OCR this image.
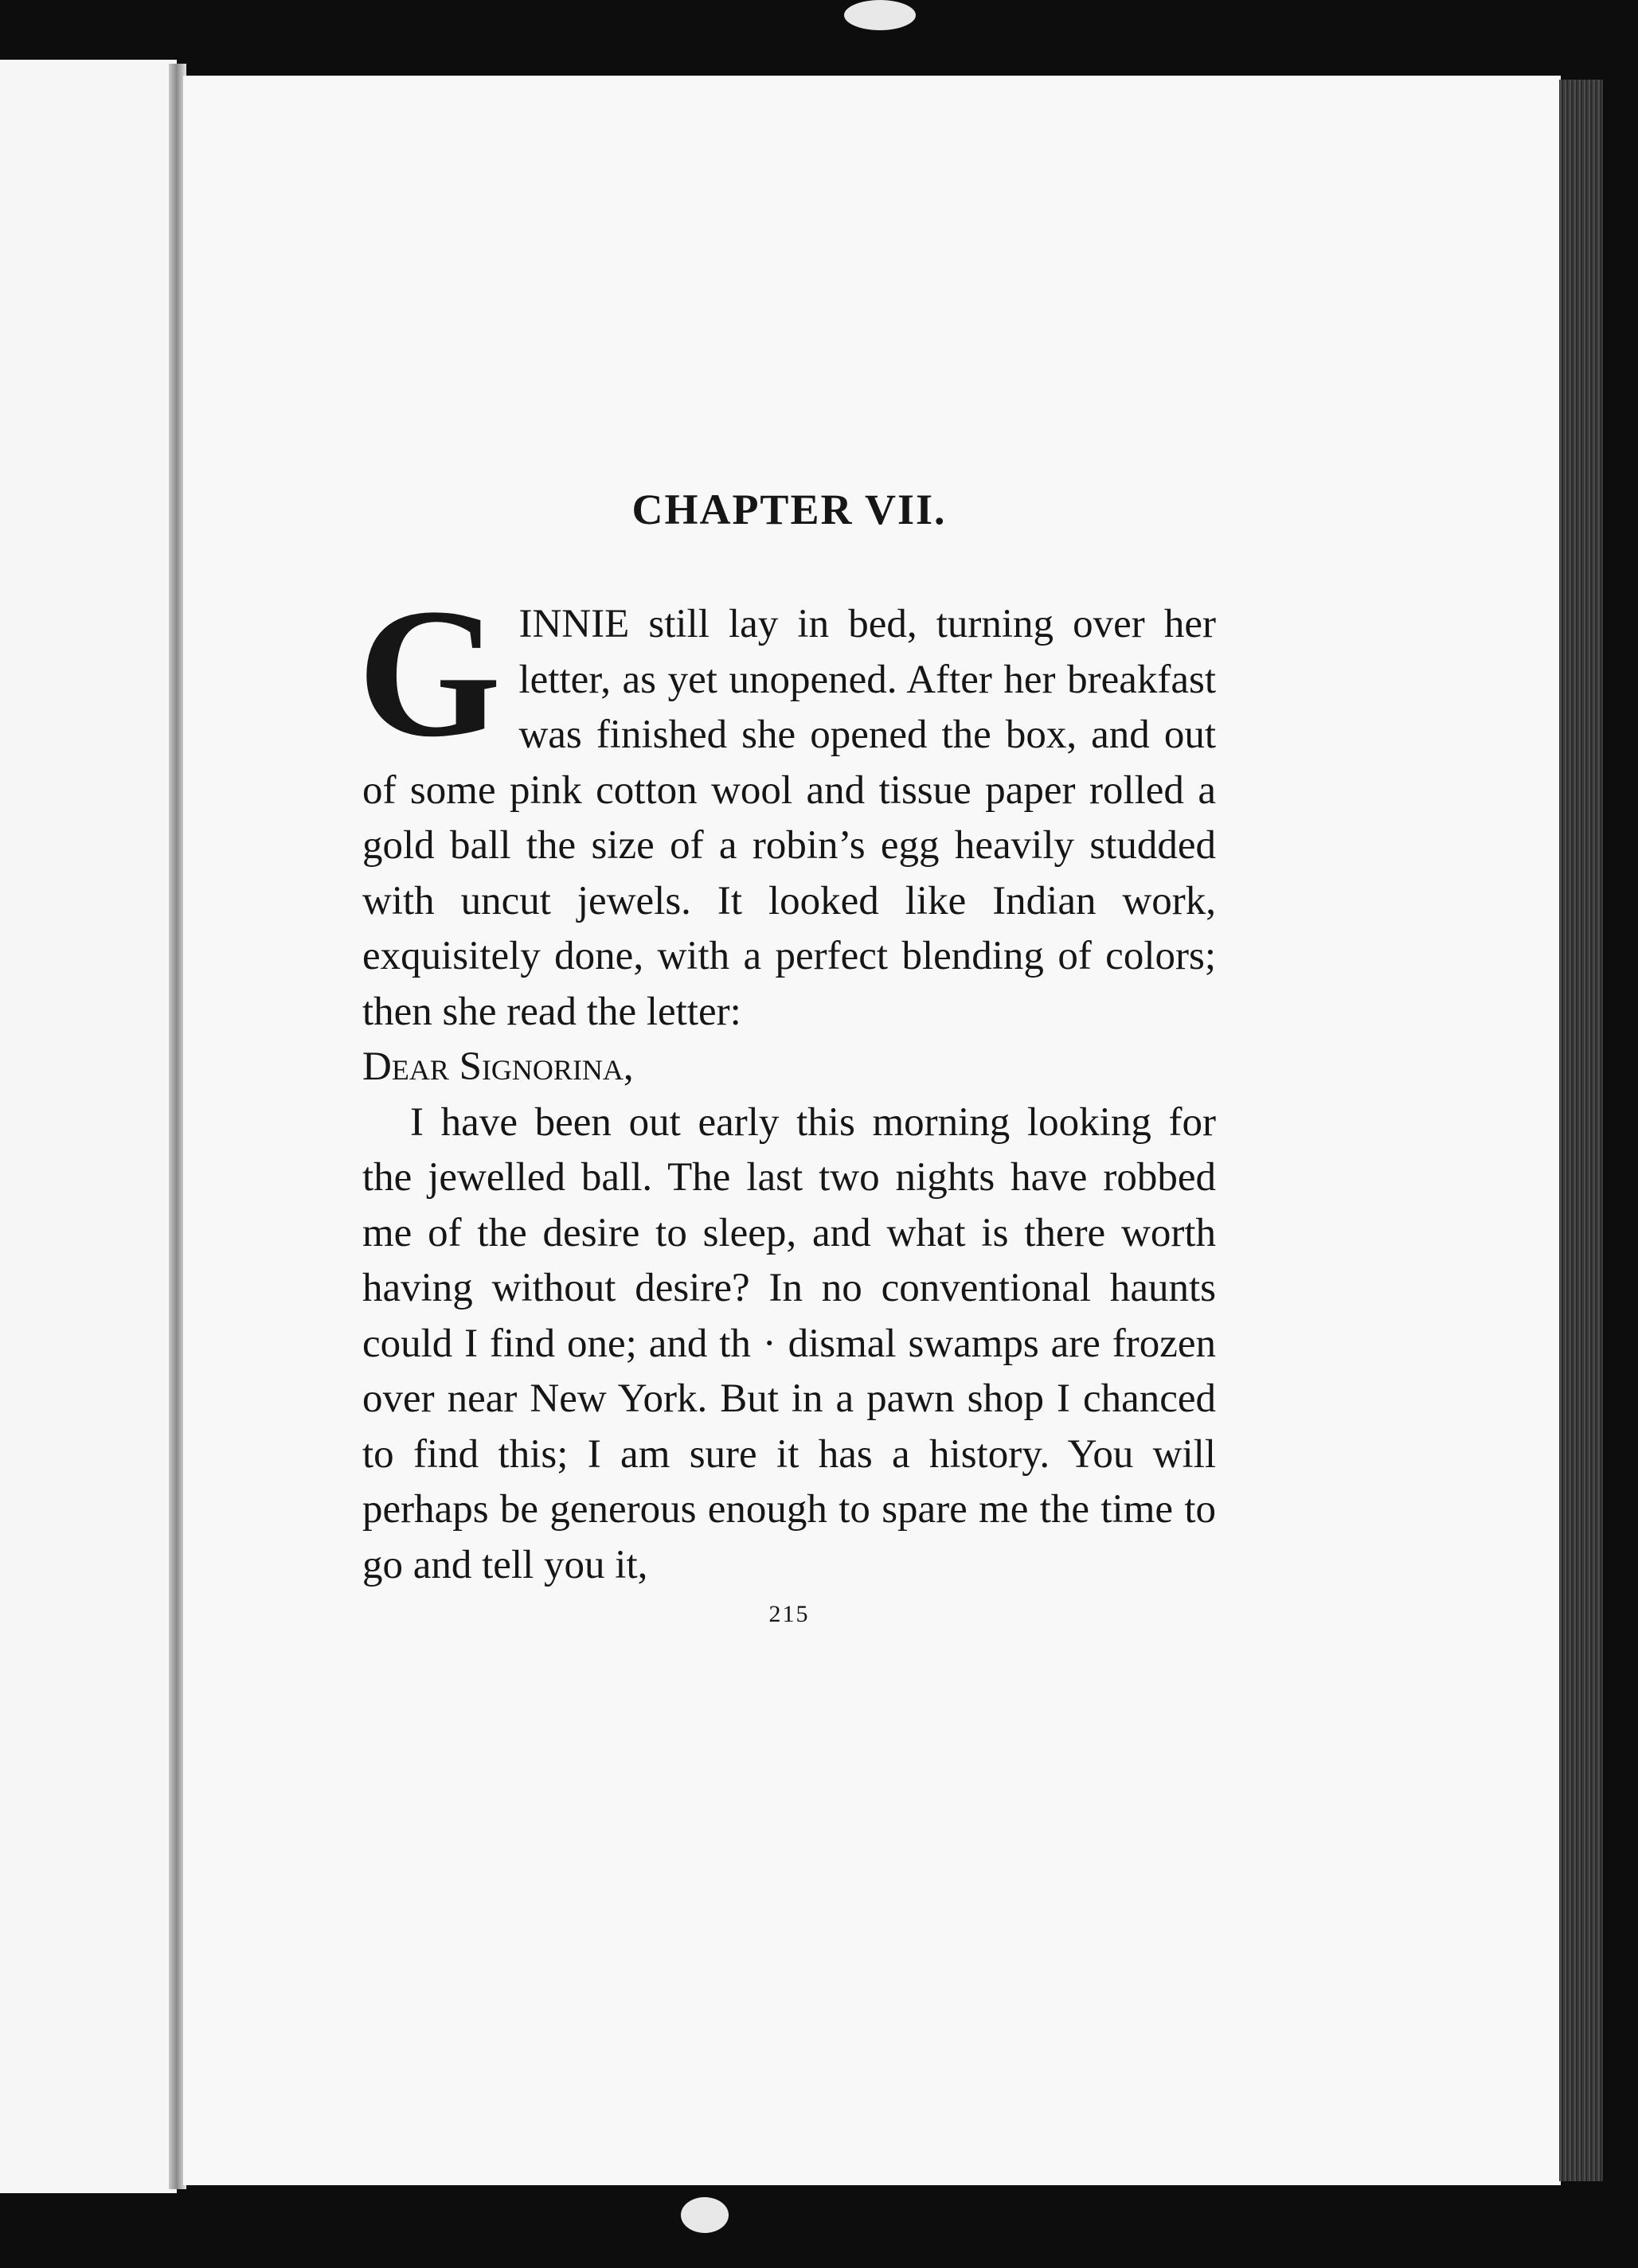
CHAPTER VII.

G INNIE still lay in bed, turning over her letter, as yet unopened. After her breakfast was finished she opened the box, and out of some pink cotton wool and tissue paper rolled a gold ball the size of a robin’s egg heavily studded with uncut jewels. It looked like Indian work, exquisitely done, with a perfect blending of colors; then she read the letter:

Dear Signorina,

I have been out early this morning looking for the jewelled ball. The last two nights have robbed me of the desire to sleep, and what is there worth having without desire? In no conventional haunts could I find one; and th · dismal swamps are frozen over near New York. But in a pawn shop I chanced to find this; I am sure it has a history. You will perhaps be generous enough to spare me the time to go and tell you it,

215
